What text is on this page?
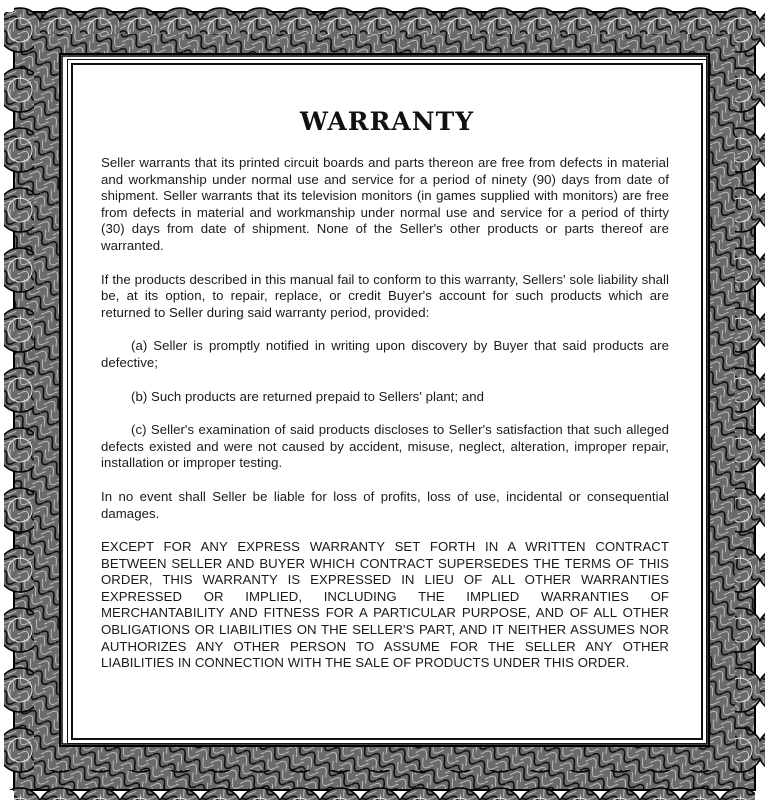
WARRANTY

Seller warrants that its printed circuit boards and parts thereon are free from defects in material and workmanship under normal use and service for a period of ninety (90) days from date of shipment. Seller warrants that its television monitors (in games supplied with monitors) are free from defects in material and workmanship under normal use and service for a period of thirty (30) days from date of shipment. None of the Seller's other products or parts thereof are warranted.

If the products described in this manual fail to conform to this warranty, Sellers' sole liability shall be, at its option, to repair, replace, or credit Buyer's account for such products which are returned to Seller during said warranty period, provided:

(a) Seller is promptly notified in writing upon discovery by Buyer that said products are defective;

(b) Such products are returned prepaid to Sellers' plant; and

(c) Seller's examination of said products discloses to Seller's satisfaction that such alleged defects existed and were not caused by accident, misuse, neglect, alteration, improper repair, installation or improper testing.

In no event shall Seller be liable for loss of profits, loss of use, incidental or consequential damages.

EXCEPT FOR ANY EXPRESS WARRANTY SET FORTH IN A WRITTEN CONTRACT BETWEEN SELLER AND BUYER WHICH CONTRACT SUPERSEDES THE TERMS OF THIS ORDER, THIS WARRANTY IS EXPRESSED IN LIEU OF ALL OTHER WARRANTIES EXPRESSED OR IMPLIED, INCLUDING THE IMPLIED WARRANTIES OF MERCHANTABILITY AND FITNESS FOR A PARTICULAR PURPOSE, AND OF ALL OTHER OBLIGATIONS OR LIABILITIES ON THE SELLER'S PART, AND IT NEITHER ASSUMES NOR AUTHORIZES ANY OTHER PERSON TO ASSUME FOR THE SELLER ANY OTHER LIABILITIES IN CONNECTION WITH THE SALE OF PRODUCTS UNDER THIS ORDER.
